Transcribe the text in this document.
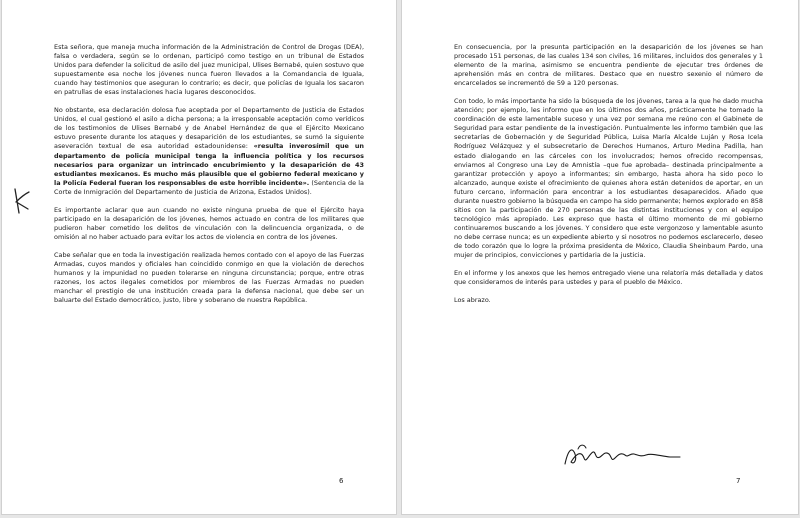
Esta señora, que maneja mucha información de la Administración de Control de Drogas (DEA), falsa o verdadera, según se lo ordenan, participó como testigo en un tribunal de Estados Unidos para defender la solicitud de asilo del juez municipal, Ulises Bernabé, quien sostuvo que supuestamente esa noche los jóvenes nunca fueron llevados a la Comandancia de Iguala, cuando hay testimonios que aseguran lo contrario; es decir, que policías de Iguala los sacaron en patrullas de esas instalaciones hacia lugares desconocidos.

No obstante, esa declaración dolosa fue aceptada por el Departamento de Justicia de Estados Unidos, el cual gestionó el asilo a dicha persona; a la irresponsable aceptación como verídicos de los testimonios de Ulises Bernabé y de Anabel Hernández de que el Ejército Mexicano estuvo presente durante los ataques y desaparición de los estudiantes, se sumó la siguiente aseveración textual de esa autoridad estadounidense: «resulta inverosímil que un departamento de policía municipal tenga la influencia política y los recursos necesarios para organizar un intrincado encubrimiento y la desaparición de 43 estudiantes mexicanos. Es mucho más plausible que el gobierno federal mexicano y la Policía Federal fueran los responsables de este horrible incidente». (Sentencia de la Corte de Inmigración del Departamento de Justicia de Arizona, Estados Unidos).

Es importante aclarar que aun cuando no existe ninguna prueba de que el Ejército haya participado en la desaparición de los jóvenes, hemos actuado en contra de los militares que pudieron haber cometido los delitos de vinculación con la delincuencia organizada, o de omisión al no haber actuado para evitar los actos de violencia en contra de los jóvenes.

Cabe señalar que en toda la investigación realizada hemos contado con el apoyo de las Fuerzas Armadas, cuyos mandos y oficiales han coincidido conmigo en que la violación de derechos humanos y la impunidad no pueden tolerarse en ninguna circunstancia; porque, entre otras razones, los actos ilegales cometidos por miembros de las Fuerzas Armadas no pueden manchar el prestigio de una institución creada para la defensa nacional, que debe ser un baluarte del Estado democrático, justo, libre y soberano de nuestra República.

6

En consecuencia, por la presunta participación en la desaparición de los jóvenes se han procesado 151 personas, de las cuales 134 son civiles, 16 militares, incluidos dos generales y 1 elemento de la marina, asimismo se encuentra pendiente de ejecutar tres órdenes de aprehensión más en contra de militares. Destaco que en nuestro sexenio el número de encarcelados se incrementó de 59 a 120 personas.

Con todo, lo más importante ha sido la búsqueda de los jóvenes, tarea a la que he dado mucha atención; por ejemplo, les informo que en los últimos dos años, prácticamente he tomado la coordinación de este lamentable suceso y una vez por semana me reúno con el Gabinete de Seguridad para estar pendiente de la investigación. Puntualmente les informo también que las secretarías de Gobernación y de Seguridad Pública, Luisa María Alcalde Luján y Rosa Icela Rodríguez Velázquez y el subsecretario de Derechos Humanos, Arturo Medina Padilla, han estado dialogando en las cárceles con los involucrados; hemos ofrecido recompensas, enviamos al Congreso una Ley de Amnistía –que fue aprobada– destinada principalmente a garantizar protección y apoyo a informantes; sin embargo, hasta ahora ha sido poco lo alcanzado, aunque existe el ofrecimiento de quienes ahora están detenidos de aportar, en un futuro cercano, información para encontrar a los estudiantes desaparecidos. Añado que durante nuestro gobierno la búsqueda en campo ha sido permanente; hemos explorado en 858 sitios con la participación de 270 personas de las distintas instituciones y con el equipo tecnológico más apropiado. Les expreso que hasta el último momento de mi gobierno continuaremos buscando a los jóvenes. Y considero que este vergonzoso y lamentable asunto no debe cerrase nunca; es un expediente abierto y si nosotros no podemos esclarecerlo, deseo de todo corazón que lo logre la próxima presidenta de México, Claudia Sheinbaum Pardo, una mujer de principios, convicciones y partidaria de la justicia.

En el informe y los anexos que les hemos entregado viene una relatoría más detallada y datos que consideramos de interés para ustedes y para el pueblo de México.

Los abrazo.

7
